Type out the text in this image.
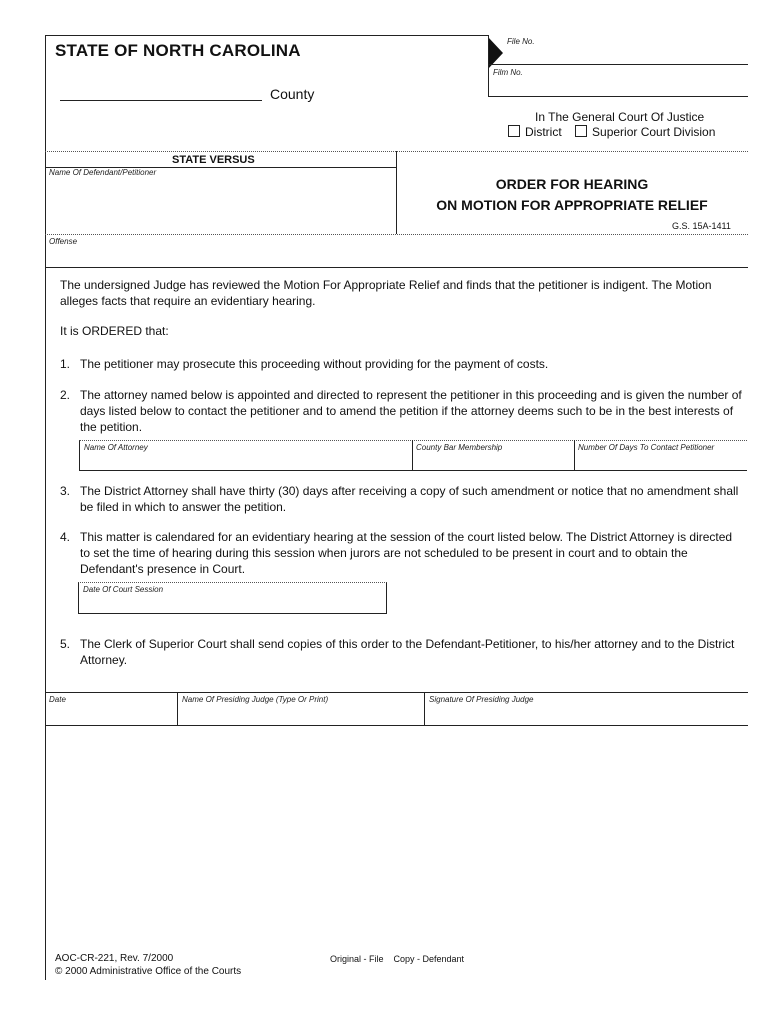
STATE OF NORTH CAROLINA
County
File No.
Film No.
In The General Court Of Justice
District	Superior Court Division
STATE VERSUS
Name Of Defendant/Petitioner
ORDER FOR HEARING
ON MOTION FOR APPROPRIATE RELIEF
G.S. 15A-1411
Offense
The undersigned Judge has reviewed the Motion For Appropriate Relief and finds that the petitioner is indigent. The Motion alleges facts that require an evidentiary hearing.
It is ORDERED that:
1. The petitioner may prosecute this proceeding without providing for the payment of costs.
2. The attorney named below is appointed and directed to represent the petitioner in this proceeding and is given the number of days listed below to contact the petitioner and to amend the petition if the attorney deems such to be in the best interests of the petition.
Name Of Attorney	County Bar Membership	Number Of Days To Contact Petitioner
3. The District Attorney shall have thirty (30) days after receiving a copy of such amendment or notice that no amendment shall be filed in which to answer the petition.
4. This matter is calendared for an evidentiary hearing at the session of the court listed below. The District Attorney is directed to set the time of hearing during this session when jurors are not scheduled to be present in court and to obtain the Defendant's presence in Court.
Date Of Court Session
5. The Clerk of Superior Court shall send copies of this order to the Defendant-Petitioner, to his/her attorney and to the District Attorney.
Date	Name Of Presiding Judge (Type Or Print)	Signature Of Presiding Judge
AOC-CR-221, Rev. 7/2000
© 2000 Administrative Office of the Courts
Original - File    Copy - Defendant
